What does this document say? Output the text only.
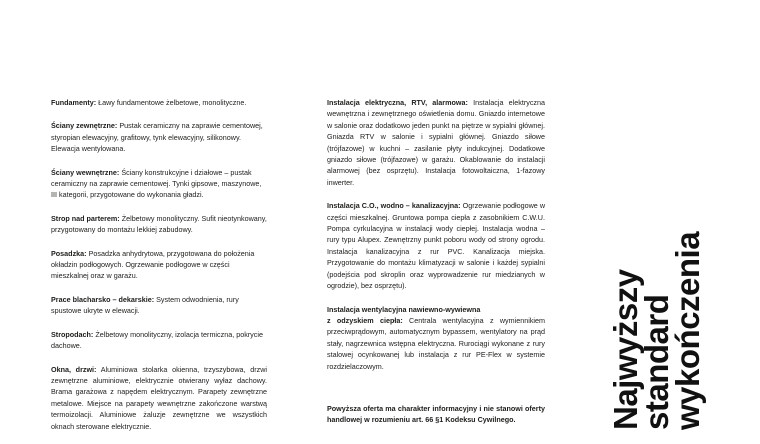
Fundamenty: Ławy fundamentowe żelbetowe, monolityczne.

Ściany zewnętrzne: Pustak ceramiczny na zaprawie cementowej, styropian elewacyjny, grafitowy, tynk elewacyjny, silikonowy. Elewacja wentylowana.

Ściany wewnętrzne: Ściany konstrukcyjne i działowe – pustak ceramiczny na zaprawie cementowej. Tynki gipsowe, maszynowe, III kategorii, przygotowane do wykonania gładzi.

Strop nad parterem: Żelbetowy monolityczny. Sufit nieotynkowany, przygotowany do montażu lekkiej zabudowy.

Posadzka: Posadzka anhydrytowa, przygotowana do położenia okładzin podłogowych. Ogrzewanie podłogowe w części mieszkalnej oraz w garażu.

Prace blacharsko – dekarskie: System odwodnienia, rury spustowe ukryte w elewacji.

Stropodach: Żelbetowy monolityczny, izolacja termiczna, pokrycie dachowe.

Okna, drzwi: Aluminiowa stolarka okienna, trzyszybowa, drzwi zewnętrzne aluminiowe, elektrycznie otwierany wyłaz dachowy. Brama garażowa z napędem elektrycznym. Parapety zewnętrzne metalowe. Miejsce na parapety wewnętrzne zakończone warstwą termoizolacji. Aluminiowe żaluzje zewnętrzne we wszystkich oknach sterowane elektrycznie.

Instalacja elektryczna, RTV, alarmowa: Instalacja elektryczna wewnętrzna i zewnętrznego oświetlenia domu. Gniazdo internetowe w salonie oraz dodatkowo jeden punkt na piętrze w sypialni głównej. Gniazda RTV w salonie i sypialni głównej. Gniazdo siłowe (trójfazowe) w kuchni – zasilanie płyty indukcyjnej. Dodatkowe gniazdo siłowe (trójfazowe) w garażu. Okablowanie do instalacji alarmowej (bez osprzętu). Instalacja fotowoltaiczna, 1-fazowy inwerter.

Instalacja C.O., wodno – kanalizacyjna: Ogrzewanie podłogowe w części mieszkalnej. Gruntowa pompa ciepła z zasobnikiem C.W.U. Pompa cyrkulacyjna w instalacji wody ciepłej. Instalacja wodna – rury typu Alupex. Zewnętrzny punkt poboru wody od strony ogrodu. Instalacja kanalizacyjna z rur PVC. Kanalizacja miejska. Przygotowanie do montażu klimatyzacji w salonie i każdej sypialni (podejścia pod skroplin oraz wyprowadzenie rur miedzianych w ogrodzie), bez osprzętu).

Instalacja wentylacyjna nawiewno-wywiewna
z odzyskiem ciepła: Centrala wentylacyjna z wymiennikiem przeciwprądowym, automatycznym bypassem, wentylatory na prąd stały, nagrzewnica wstępna elektryczna. Rurociągi wykonane z rury stalowej ocynkowanej lub instalacja z rur PE-Flex w systemie rozdzielaczowym.

Powyższa oferta ma charakter informacyjny i nie stanowi oferty handlowej w rozumieniu art. 66 §1 Kodeksu Cywilnego.	Najwyższy
standard
wykończenia
